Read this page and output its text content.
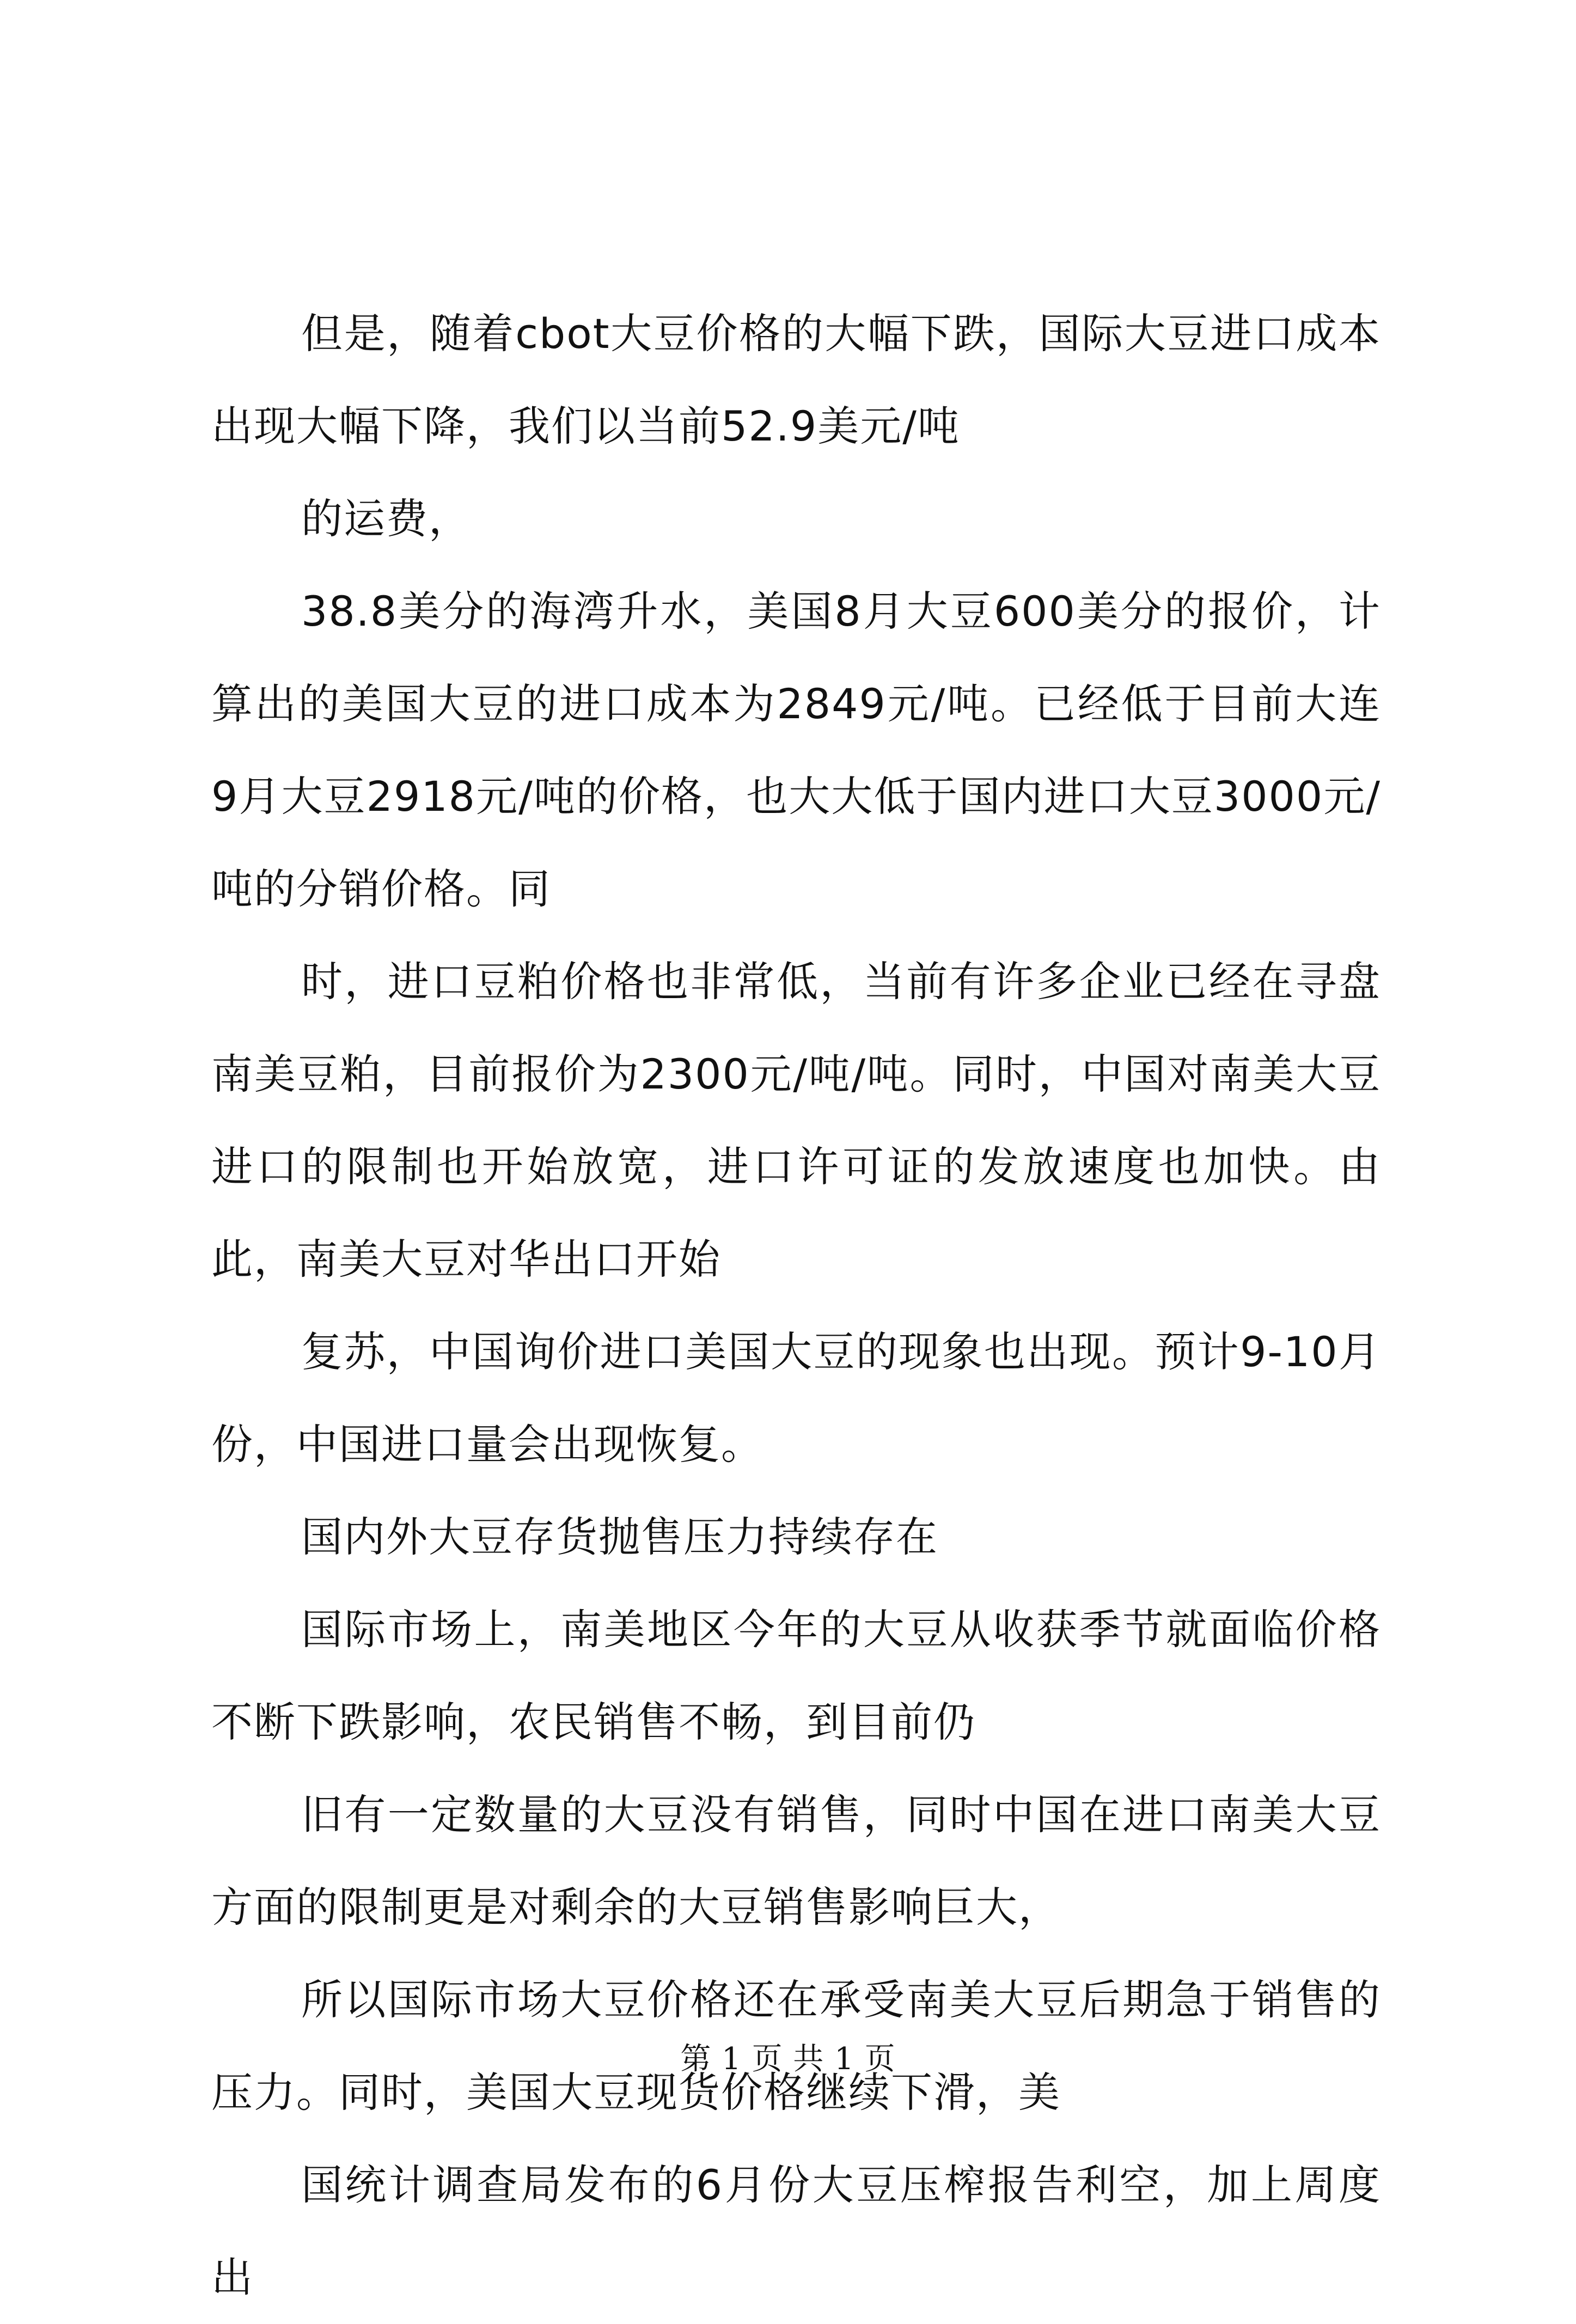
但是，随着cbot大豆价格的大幅下跌，国际大豆进口成本出现大幅下降，我们以当前52.9美元/吨

的运费，

38.8美分的海湾升水，美国8月大豆600美分的报价，计算出的美国大豆的进口成本为2849元/吨。已经低于目前大连9月大豆2918元/吨的价格，也大大低于国内进口大豆3000元/吨的分销价格。同

时，进口豆粕价格也非常低，当前有许多企业已经在寻盘南美豆粕，目前报价为2300元/吨/吨。同时，中国对南美大豆进口的限制也开始放宽，进口许可证的发放速度也加快。由此，南美大豆对华出口开始

复苏，中国询价进口美国大豆的现象也出现。预计9-10月份，中国进口量会出现恢复。

国内外大豆存货抛售压力持续存在

国际市场上，南美地区今年的大豆从收获季节就面临价格不断下跌影响，农民销售不畅，到目前仍

旧有一定数量的大豆没有销售，同时中国在进口南美大豆方面的限制更是对剩余的大豆销售影响巨大，

所以国际市场大豆价格还在承受南美大豆后期急于销售的压力。同时，美国大豆现货价格继续下滑，美

国统计调查局发布的6月份大豆压榨报告利空，加上周度出

第 1 页 共 1 页
